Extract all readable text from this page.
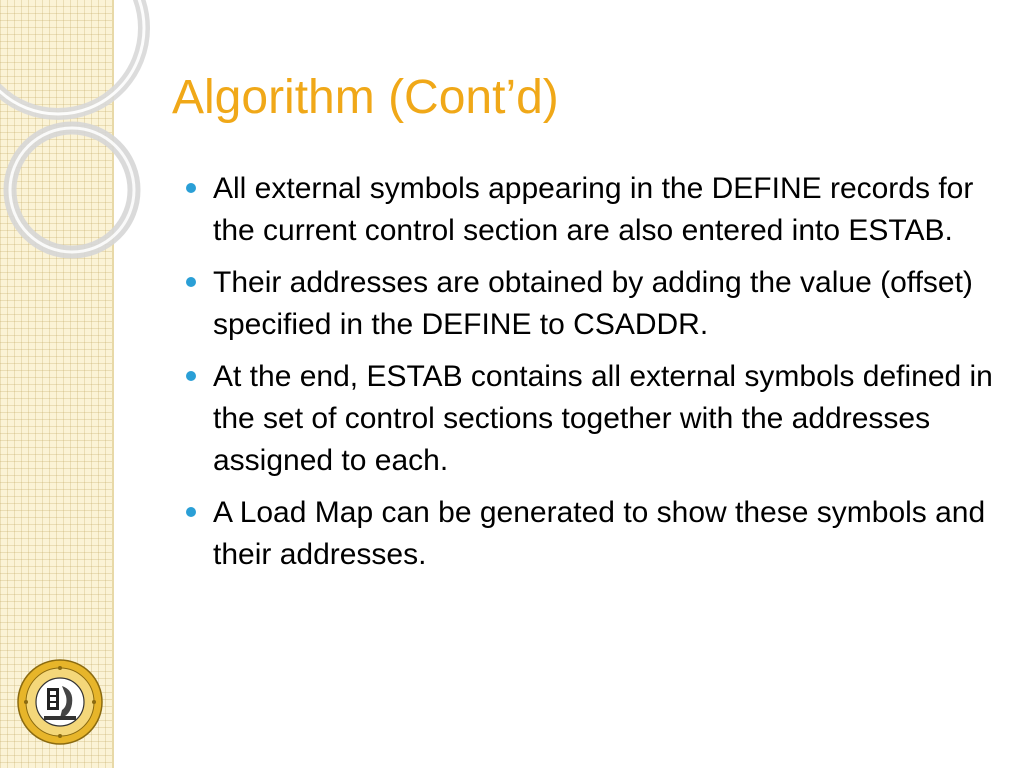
Algorithm (Cont’d)
All external symbols appearing in the DEFINE records for the current control section are also entered into ESTAB.
Their addresses are obtained by adding the value (offset) specified in the DEFINE to CSADDR.
At the end, ESTAB contains all external symbols defined in the set of control sections together with the addresses assigned to each.
A Load Map can be generated to show these symbols and their addresses.
